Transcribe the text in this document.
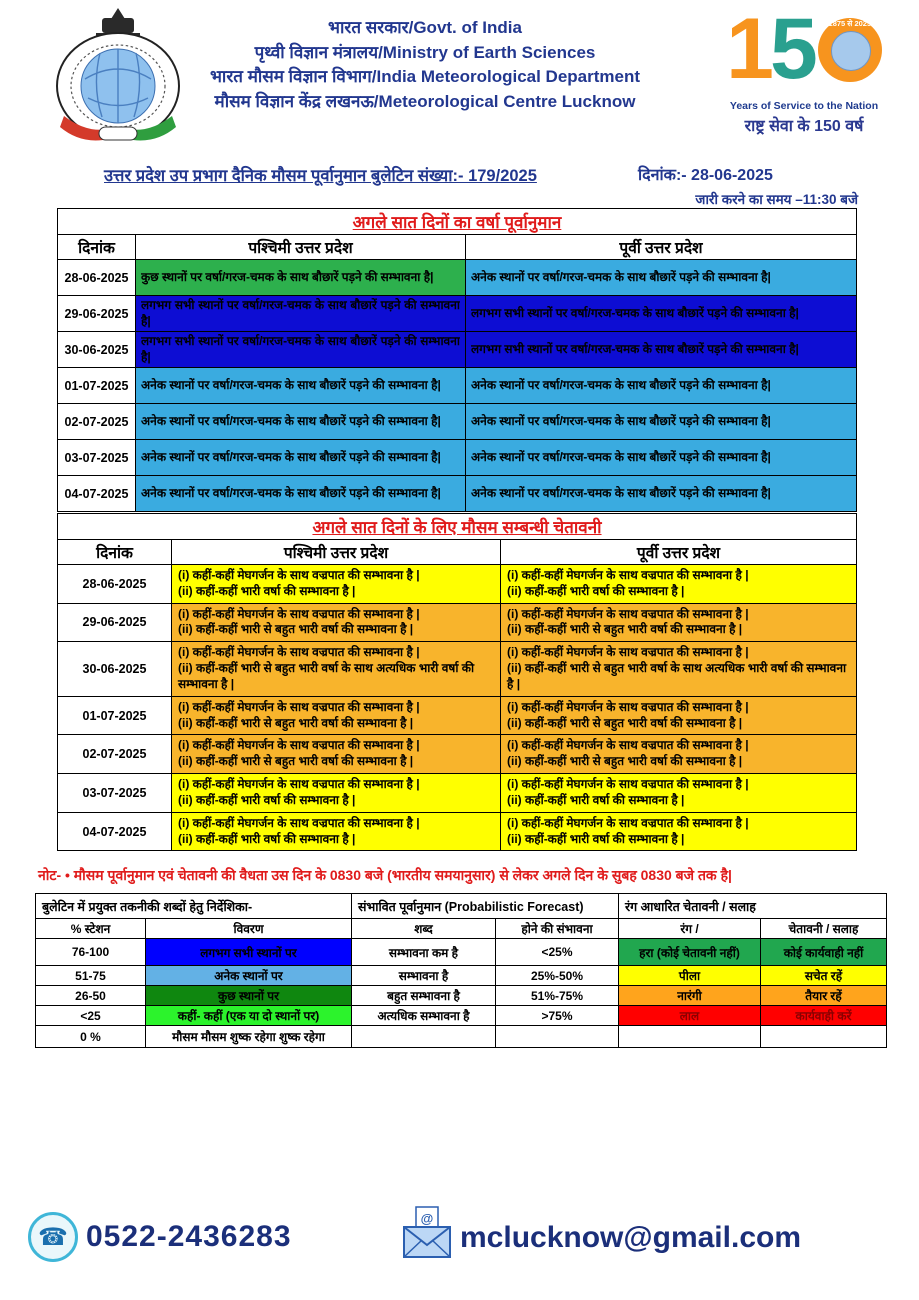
भारत सरकार/Govt. of India
पृथ्वी विज्ञान मंत्रालय/Ministry of Earth Sciences
भारत मौसम विज्ञान विभाग/India Meteorological Department
मौसम विज्ञान केंद्र लखनऊ/Meteorological Centre Lucknow
1 5	1875 से 2025
Years of Service to the Nation
राष्ट्र सेवा के 150 वर्ष
उत्तर प्रदेश उप प्रभाग दैनिक मौसम पूर्वानुमान बुलेटिन संख्या:- 179/2025	दिनांक:- 28-06-2025
जारी करने का समय –11:30 बजे
अगले सात दिनों का वर्षा पूर्वानुमान		
दिनांक	पश्चिमी उत्तर प्रदेश	पूर्वी उत्तर प्रदेश
28-06-2025	कुछ स्थानों पर वर्षा/गरज-चमक के साथ बौछारें पड़ने की सम्भावना है|	अनेक स्थानों पर वर्षा/गरज-चमक के साथ बौछारें पड़ने की सम्भावना है|

29-06-2025	लगभग सभी स्थानों पर वर्षा/गरज-चमक के साथ बौछारें पड़ने की सम्भावना है|	लगभग सभी स्थानों पर वर्षा/गरज-चमक के साथ बौछारें पड़ने की सम्भावना है|

30-06-2025	लगभग सभी स्थानों पर वर्षा/गरज-चमक के साथ बौछारें पड़ने की सम्भावना है|	लगभग सभी स्थानों पर वर्षा/गरज-चमक के साथ बौछारें पड़ने की सम्भावना है|

01-07-2025	अनेक स्थानों पर वर्षा/गरज-चमक के साथ बौछारें पड़ने की सम्भावना है|	अनेक स्थानों पर वर्षा/गरज-चमक के साथ बौछारें पड़ने की सम्भावना है|

02-07-2025	अनेक स्थानों पर वर्षा/गरज-चमक के साथ बौछारें पड़ने की सम्भावना है|	अनेक स्थानों पर वर्षा/गरज-चमक के साथ बौछारें पड़ने की सम्भावना है|

03-07-2025	अनेक स्थानों पर वर्षा/गरज-चमक के साथ बौछारें पड़ने की सम्भावना है|	अनेक स्थानों पर वर्षा/गरज-चमक के साथ बौछारें पड़ने की सम्भावना है|

04-07-2025	अनेक स्थानों पर वर्षा/गरज-चमक के साथ बौछारें पड़ने की सम्भावना है|	अनेक स्थानों पर वर्षा/गरज-चमक के साथ बौछारें पड़ने की सम्भावना है|
अगले सात दिनों के लिए मौसम सम्बन्धी चेतावनी		
दिनांक	पश्चिमी उत्तर प्रदेश	पूर्वी उत्तर प्रदेश
28-06-2025	(i) कहीं-कहीं मेघगर्जन के साथ वज्रपात की सम्भावना है |
(ii) कहीं-कहीं भारी वर्षा की सम्भावना है |	(i) कहीं-कहीं मेघगर्जन के साथ वज्रपात की सम्भावना है |
(ii) कहीं-कहीं भारी वर्षा की सम्भावना है |

29-06-2025	(i) कहीं-कहीं मेघगर्जन के साथ वज्रपात की सम्भावना है |
(ii) कहीं-कहीं भारी से बहुत भारी वर्षा की सम्भावना है |	(i) कहीं-कहीं मेघगर्जन के साथ वज्रपात की सम्भावना है |
(ii) कहीं-कहीं भारी से बहुत भारी वर्षा की सम्भावना है |

30-06-2025	(i) कहीं-कहीं मेघगर्जन के साथ वज्रपात की सम्भावना है |
(ii) कहीं-कहीं भारी से बहुत भारी वर्षा के साथ अत्यधिक भारी वर्षा की सम्भावना है |	(i) कहीं-कहीं मेघगर्जन के साथ वज्रपात की सम्भावना है |
(ii) कहीं-कहीं भारी से बहुत भारी वर्षा के साथ अत्यधिक भारी वर्षा की सम्भावना है |

01-07-2025	(i) कहीं-कहीं मेघगर्जन के साथ वज्रपात की सम्भावना है |
(ii) कहीं-कहीं भारी से बहुत भारी वर्षा की सम्भावना है |	(i) कहीं-कहीं मेघगर्जन के साथ वज्रपात की सम्भावना है |
(ii) कहीं-कहीं भारी से बहुत भारी वर्षा की सम्भावना है |

02-07-2025	(i) कहीं-कहीं मेघगर्जन के साथ वज्रपात की सम्भावना है |
(ii) कहीं-कहीं भारी से बहुत भारी वर्षा की सम्भावना है |	(i) कहीं-कहीं मेघगर्जन के साथ वज्रपात की सम्भावना है |
(ii) कहीं-कहीं भारी से बहुत भारी वर्षा की सम्भावना है |

03-07-2025	(i) कहीं-कहीं मेघगर्जन के साथ वज्रपात की सम्भावना है |
(ii) कहीं-कहीं भारी वर्षा की सम्भावना है |	(i) कहीं-कहीं मेघगर्जन के साथ वज्रपात की सम्भावना है |
(ii) कहीं-कहीं भारी वर्षा की सम्भावना है |

04-07-2025	(i) कहीं-कहीं मेघगर्जन के साथ वज्रपात की सम्भावना है |
(ii) कहीं-कहीं भारी वर्षा की सम्भावना है |	(i) कहीं-कहीं मेघगर्जन के साथ वज्रपात की सम्भावना है |
(ii) कहीं-कहीं भारी वर्षा की सम्भावना है |
नोट- • मौसम पूर्वानुमान एवं चेतावनी की वैधता उस दिन के 0830 बजे (भारतीय समयानुसार) से लेकर अगले दिन के सुबह 0830 बजे तक है|
बुलेटिन में प्रयुक्त तकनीकी शब्दों हेतु निर्देशिका-		संभावित पूर्वानुमान (Probabilistic Forecast)		रंग आधारित चेतावनी / सलाह	
% स्टेशन	विवरण	शब्द	होने की संभावना	रंग /	चेतावनी / सलाह
76-100	लगभग सभी स्थानों पर	सम्भावना कम है	<25%	हरा (कोई चेतावनी नहीं)	कोई कार्यवाही नहीं
51-75	अनेक स्थानों पर	सम्भावना है	25%-50%	पीला	सचेत रहें
26-50	कुछ स्थानों पर	बहुत सम्भावना है	51%-75%	नारंगी	तैयार रहें
<25	कहीं- कहीं (एक या दो स्थानों पर)	अत्यधिक सम्भावना है	>75%	लाल	कार्यवाही करें
0 %	मौसम मौसम शुष्क रहेगा शुष्क रहेगा				
☎ 0522-2436283
@
mclucknow@gmail.com
